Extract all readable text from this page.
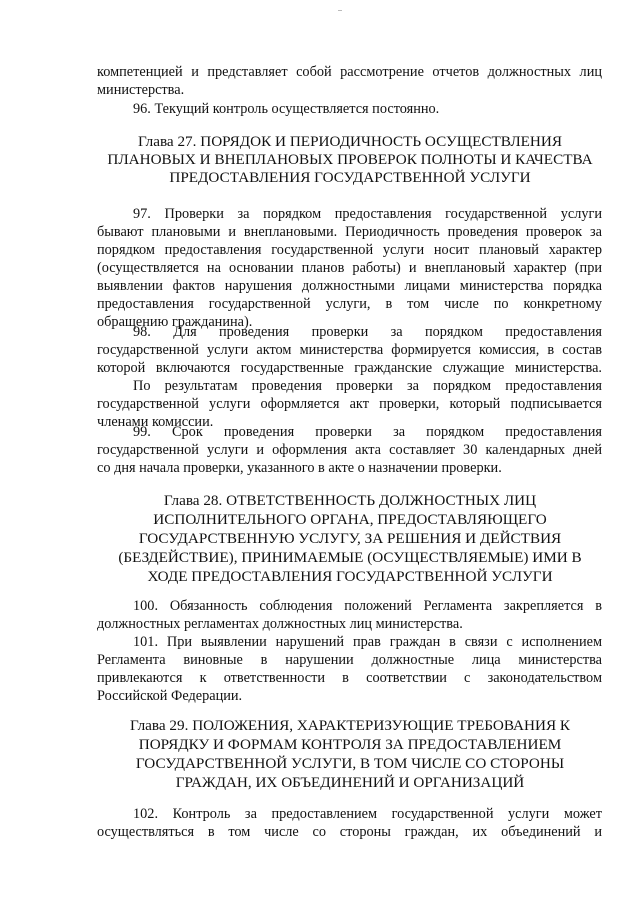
компетенцией и представляет собой рассмотрение отчетов должностных лиц
министерства.
96. Текущий контроль осуществляется постоянно.
Глава 27. ПОРЯДОК И ПЕРИОДИЧНОСТЬ ОСУЩЕСТВЛЕНИЯ
ПЛАНОВЫХ И ВНЕПЛАНОВЫХ ПРОВЕРОК ПОЛНОТЫ И КАЧЕСТВА
ПРЕДОСТАВЛЕНИЯ ГОСУДАРСТВЕННОЙ УСЛУГИ
97. Проверки за порядком предоставления государственной услуги
бывают плановыми и внеплановыми. Периодичность проведения проверок за
порядком предоставления государственной услуги носит плановый характер
(осуществляется на основании планов работы) и внеплановый характер (при
выявлении фактов нарушения должностными лицами министерства порядка
предоставления государственной услуги, в том числе по конкретному
обращению гражданина).
98. Для проведения проверки за порядком предоставления
государственной услуги актом министерства формируется комиссия, в состав
которой включаются государственные гражданские служащие министерства.
По результатам проведения проверки за порядком предоставления
государственной услуги оформляется акт проверки, который подписывается
членами комиссии.
99. Срок проведения проверки за порядком предоставления
государственной услуги и оформления акта составляет 30 календарных дней
со дня начала проверки, указанного в акте о назначении проверки.
Глава 28. ОТВЕТСТВЕННОСТЬ ДОЛЖНОСТНЫХ ЛИЦ
ИСПОЛНИТЕЛЬНОГО ОРГАНА, ПРЕДОСТАВЛЯЮЩЕГО
ГОСУДАРСТВЕННУЮ УСЛУГУ, ЗА РЕШЕНИЯ И ДЕЙСТВИЯ
(БЕЗДЕЙСТВИЕ), ПРИНИМАЕМЫЕ (ОСУЩЕСТВЛЯЕМЫЕ) ИМИ В
ХОДЕ ПРЕДОСТАВЛЕНИЯ ГОСУДАРСТВЕННОЙ УСЛУГИ
100. Обязанность соблюдения положений Регламента закрепляется в
должностных регламентах должностных лиц министерства.
101. При выявлении нарушений прав граждан в связи с исполнением
Регламента виновные в нарушении должностные лица министерства
привлекаются к ответственности в соответствии с законодательством
Российской Федерации.
Глава 29. ПОЛОЖЕНИЯ, ХАРАКТЕРИЗУЮЩИЕ ТРЕБОВАНИЯ К
ПОРЯДКУ И ФОРМАМ КОНТРОЛЯ ЗА ПРЕДОСТАВЛЕНИЕМ
ГОСУДАРСТВЕННОЙ УСЛУГИ, В ТОМ ЧИСЛЕ СО СТОРОНЫ
ГРАЖДАН, ИХ ОБЪЕДИНЕНИЙ И ОРГАНИЗАЦИЙ
102. Контроль за предоставлением государственной услуги может
осуществляться в том числе со стороны граждан, их объединений и
